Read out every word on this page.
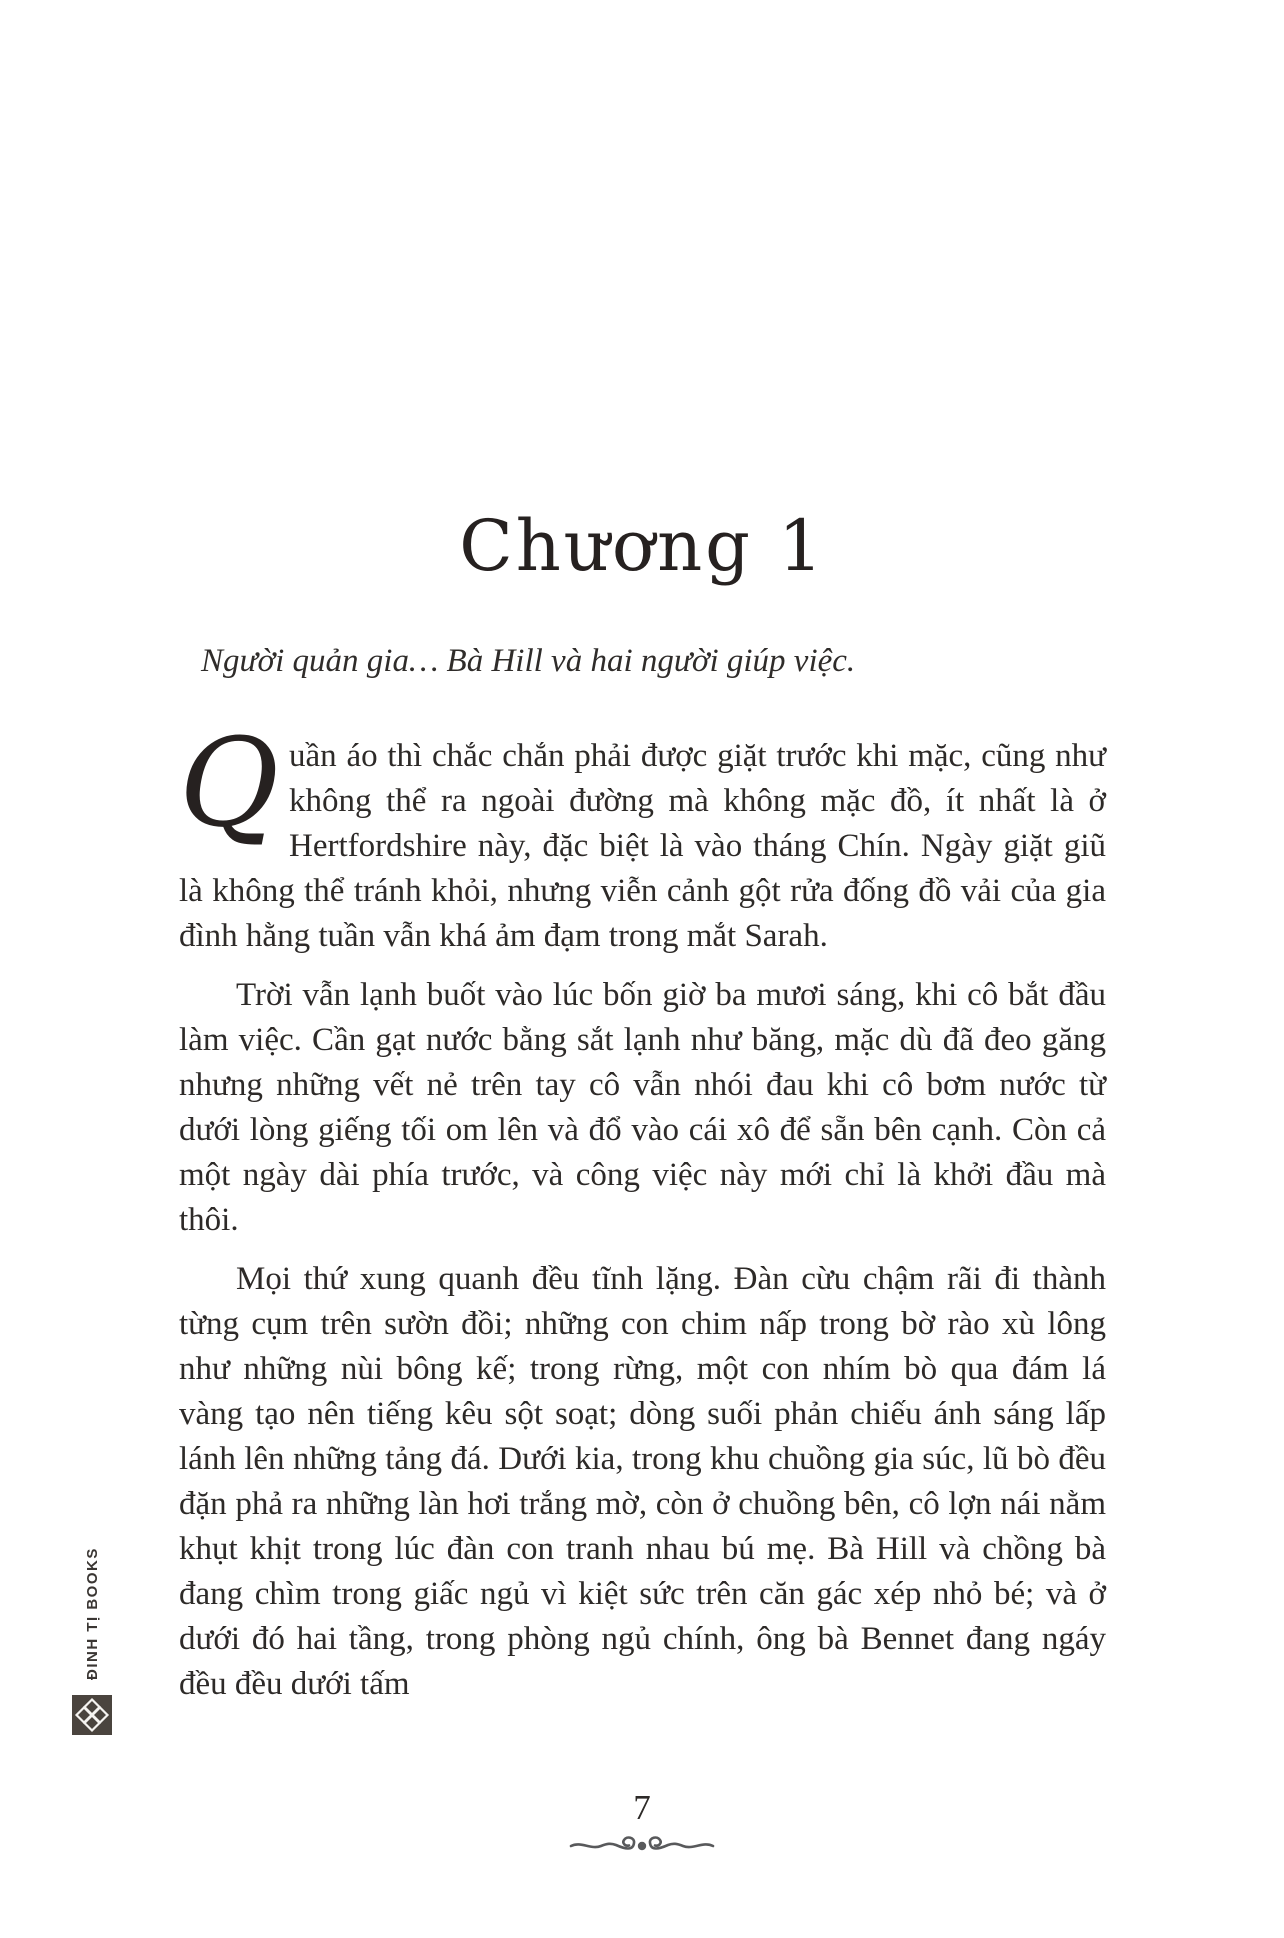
ĐINH TỊ BOOKS
Chương 1

Người quản gia… Bà Hill và hai người giúp việc.

Quần áo thì chắc chắn phải được giặt trước khi mặc, cũng như không thể ra ngoài đường mà không mặc đồ, ít nhất là ở Hertfordshire này, đặc biệt là vào tháng Chín. Ngày giặt giũ là không thể tránh khỏi, nhưng viễn cảnh gột rửa đống đồ vải của gia đình hằng tuần vẫn khá ảm đạm trong mắt Sarah.

Trời vẫn lạnh buốt vào lúc bốn giờ ba mươi sáng, khi cô bắt đầu làm việc. Cần gạt nước bằng sắt lạnh như băng, mặc dù đã đeo găng nhưng những vết nẻ trên tay cô vẫn nhói đau khi cô bơm nước từ dưới lòng giếng tối om lên và đổ vào cái xô để sẵn bên cạnh. Còn cả một ngày dài phía trước, và công việc này mới chỉ là khởi đầu mà thôi.

Mọi thứ xung quanh đều tĩnh lặng. Đàn cừu chậm rãi đi thành từng cụm trên sườn đồi; những con chim nấp trong bờ rào xù lông như những nùi bông kế; trong rừng, một con nhím bò qua đám lá vàng tạo nên tiếng kêu sột soạt; dòng suối phản chiếu ánh sáng lấp lánh lên những tảng đá. Dưới kia, trong khu chuồng gia súc, lũ bò đều đặn phả ra những làn hơi trắng mờ, còn ở chuồng bên, cô lợn nái nằm khụt khịt trong lúc đàn con tranh nhau bú mẹ. Bà Hill và chồng bà đang chìm trong giấc ngủ vì kiệt sức trên căn gác xép nhỏ bé; và ở dưới đó hai tầng, trong phòng ngủ chính, ông bà Bennet đang ngáy đều đều dưới tấm

7
